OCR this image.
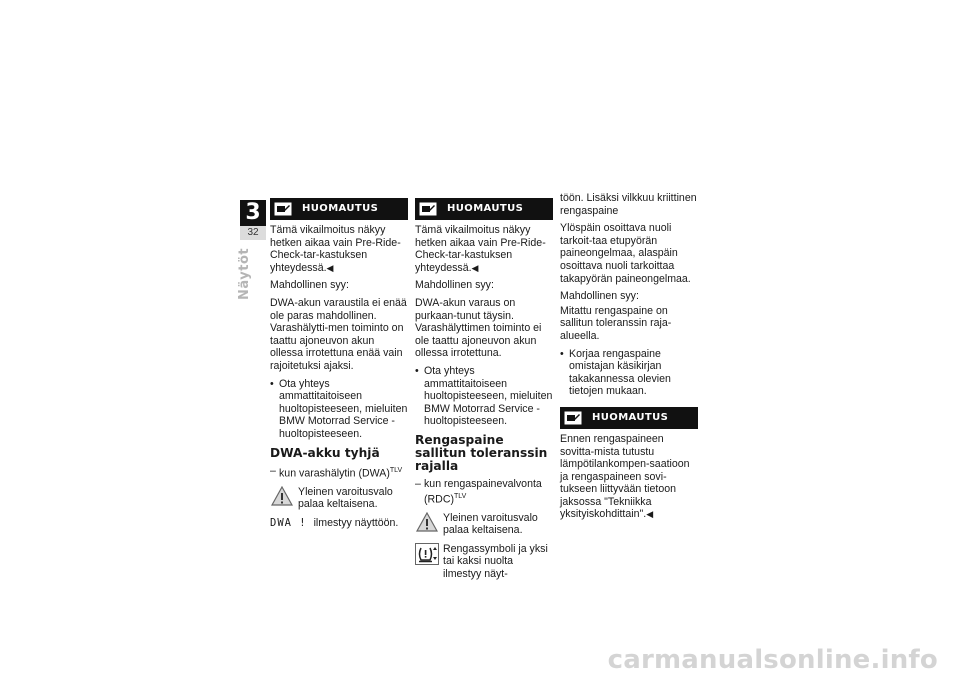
3
32
Näytöt
HUOMAUTUS

Tämä vikailmoitus näkyy hetken aikaa vain Pre-Ride-Check-tar-kastuksen yhteydessä.◀

Mahdollinen syy:

DWA-akun varaustila ei enää ole paras mahdollinen. Varashälytti-men toiminto on taattu ajoneuvon akun ollessa irrotettuna enää vain rajoitetuksi ajaksi.

• Ota yhteys ammattitaitoiseen huoltopisteeseen, mieluiten BMW Motorrad Service -huoltopisteeseen.
DWA-akku tyhjä
– kun varashälytin (DWA)$^{TLV}$
Yleinen varoitusvalo palaa keltaisena.

DWA ! ilmestyy näyttöön.

HUOMAUTUS

Tämä vikailmoitus näkyy hetken aikaa vain Pre-Ride-Check-tar-kastuksen yhteydessä.◀

Mahdollinen syy:

DWA-akun varaus on purkaan-tunut täysin. Varashälyttimen toiminto ei ole taattu ajoneuvon akun ollessa irrotettuna.

• Ota yhteys ammattitaitoiseen huoltopisteeseen, mieluiten BMW Motorrad Service -huoltopisteeseen.
Rengaspaine sallitun toleranssin rajalla
– kun rengaspainevalvonta (RDC)$^{TLV}$
Yleinen varoitusvalo palaa keltaisena.
Rengassymboli ja yksi tai kaksi nuolta ilmestyy näyt-

töön. Lisäksi vilkkuu kriittinen rengaspaine

Ylöspäin osoittava nuoli tarkoit-taa etupyörän paineongelmaa, alaspäin osoittava nuoli tarkoittaa takapyörän paineongelmaa.

Mahdollinen syy:

Mitattu rengaspaine on sallitun toleranssin raja-alueella.

• Korjaa rengaspaine omistajan käsikirjan takakannessa olevien tietojen mukaan.
HUOMAUTUS

Ennen rengaspaineen sovitta-mista tutustu lämpötilankompen-saatioon ja rengaspaineen sovi-tukseen liittyvään tietoon jaksossa "Tekniikka yksityiskohdittain".◀

carmanualsonline.info
